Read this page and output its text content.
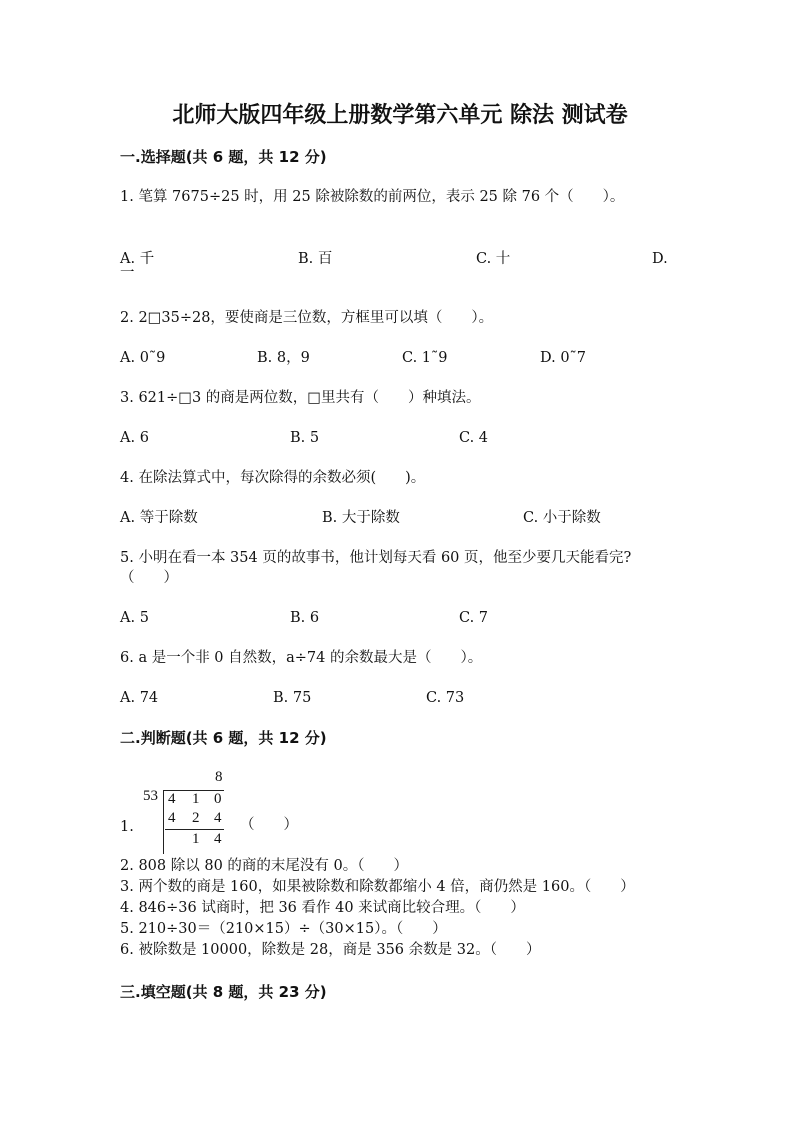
北师大版四年级上册数学第六单元 除法 测试卷
一.选择题(共 6 题，共 12 分)
1. 笔算 7675÷25 时，用 25 除被除数的前两位，表示 25 除 76 个（　　）。
A. 千	B. 百	C. 十	D.
一
2. 2□35÷28，要使商是三位数，方框里可以填（　　）。
A. 0˜9	B. 8，9	C. 1˜9	D. 0˜7
3. 621÷□3 的商是两位数，□里共有（　　）种填法。
A. 6	B. 5	C. 4
4. 在除法算式中，每次除得的余数必须(　　)。
A. 等于除数	B. 大于除数	C. 小于除数
5. 小明在看一本 354 页的故事书，他计划每天看 60 页，他至少要几天能看完?
（　　）
A. 5	B. 6	C. 7
6. a 是一个非 0 自然数，a÷74 的余数最大是（　　）。
A. 74	B. 75	C. 73
二.判断题(共 6 题，共 12 分)
8
53 4 1 0
4 2 4
1 4
1.	（　　）
2. 808 除以 80 的商的末尾没有 0。（　　）
3. 两个数的商是 160，如果被除数和除数都缩小 4 倍，商仍然是 160。（　　）
4. 846÷36 试商时，把 36 看作 40 来试商比较合理。（　　）
5. 210÷30＝（210×15）÷（30×15）。（　　）
6. 被除数是 10000，除数是 28，商是 356 余数是 32。（　　）
三.填空题(共 8 题，共 23 分)
